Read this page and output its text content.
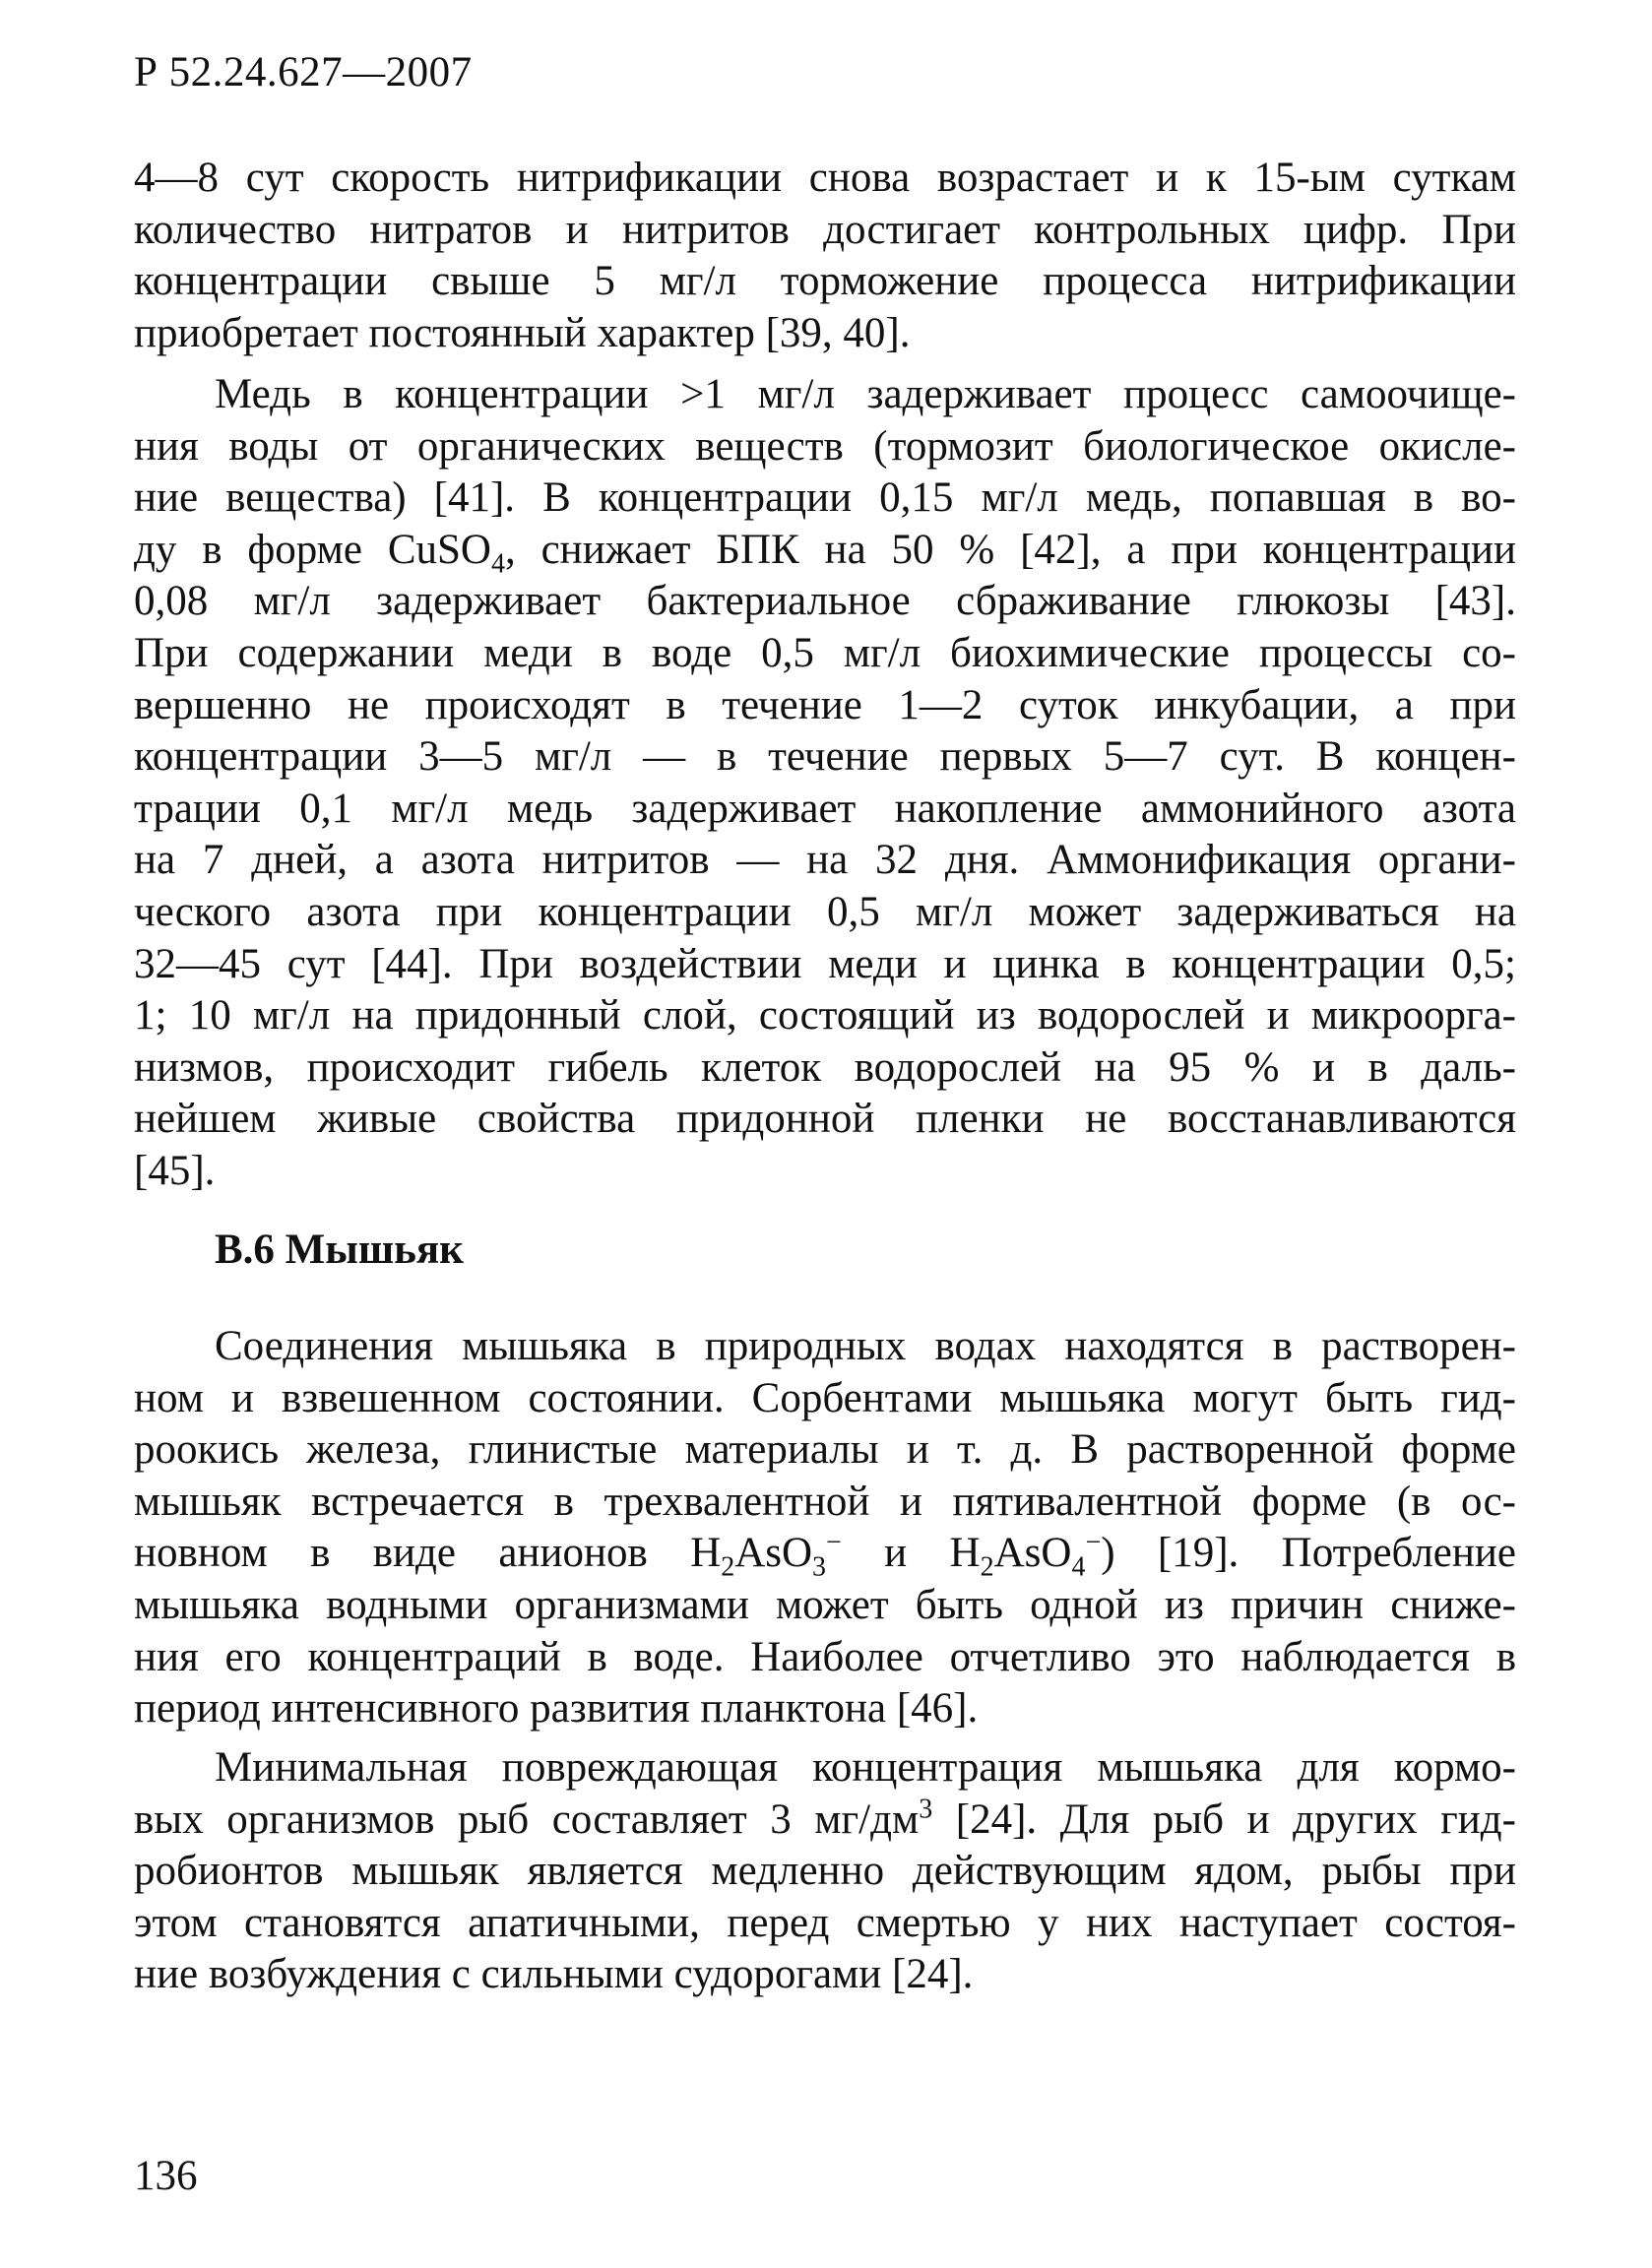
Р 52.24.627—2007
4—8 сут скорость нитрификации снова возрастает и к 15-ым суткам
количество нитратов и нитритов достигает контрольных цифр. При
концентрации свыше 5 мг/л торможение процесса нитрификации
приобретает постоянный характер [39, 40].
Медь в концентрации >1 мг/л задерживает процесс самоочище-
ния воды от органических веществ (тормозит биологическое окисле-
ние вещества) [41]. В концентрации 0,15 мг/л медь, попавшая в во-
ду в форме CuSO$_4$, снижает БПК на 50 % [42], а при концентрации
0,08 мг/л задерживает бактериальное сбраживание глюкозы [43].
При содержании меди в воде 0,5 мг/л биохимические процессы со-
вершенно не происходят в течение 1—2 суток инкубации, а при
концентрации 3—5 мг/л — в течение первых 5—7 сут. В концен-
трации 0,1 мг/л медь задерживает накопление аммонийного азота
на 7 дней, а азота нитритов — на 32 дня. Аммонификация органи-
ческого азота при концентрации 0,5 мг/л может задерживаться на
32—45 сут [44]. При воздействии меди и цинка в концентрации 0,5;
1; 10 мг/л на придонный слой, состоящий из водорослей и микроорга-
низмов, происходит гибель клеток водорослей на 95 % и в даль-
нейшем живые свойства придонной пленки не восстанавливаются
[45].
В.6 Мышьяк
Соединения мышьяка в природных водах находятся в растворен-
ном и взвешенном состоянии. Сорбентами мышьяка могут быть гид-
роокись железа, глинистые материалы и т. д. В растворенной форме
мышьяк встречается в трехвалентной и пятивалентной форме (в ос-
новном в виде анионов $H_2AsO_3^-$ и $H_2AsO_4^-$) [19]. Потребление
мышьяка водными организмами может быть одной из причин сниже-
ния его концентраций в воде. Наиболее отчетливо это наблюдается в
период интенсивного развития планктона [46].
Минимальная повреждающая концентрация мышьяка для кормо-
вых организмов рыб составляет 3 $мг/дм^3$ [24]. Для рыб и других гид-
робионтов мышьяк является медленно действующим ядом, рыбы при
этом становятся апатичными, перед смертью у них наступает состоя-
ние возбуждения с сильными судорогами [24].
136
